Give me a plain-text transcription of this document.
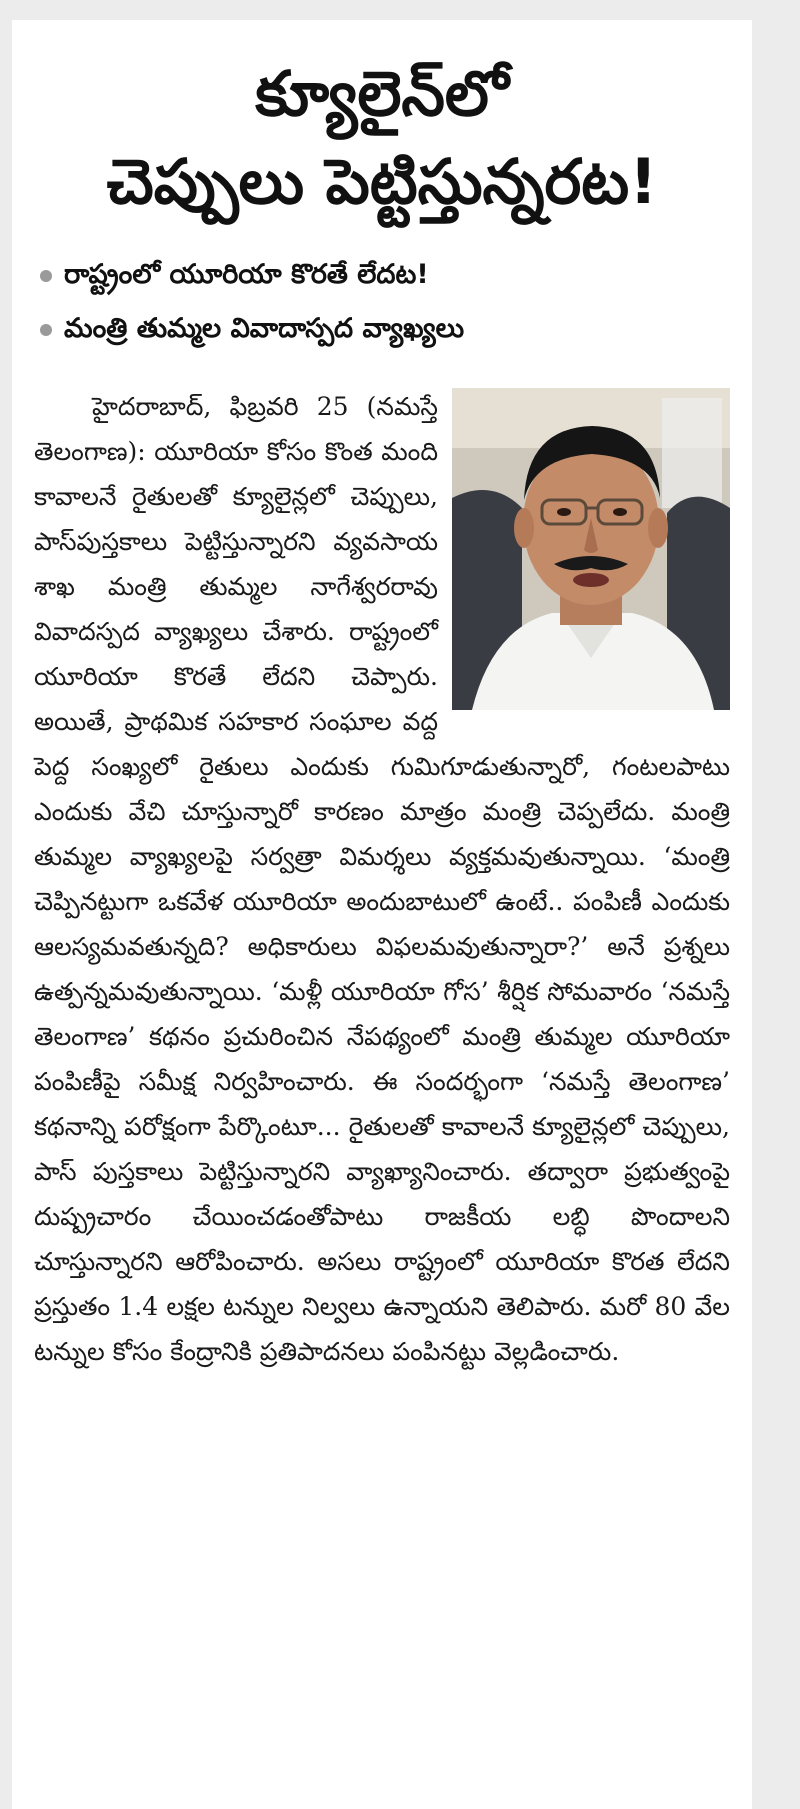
క్యూలైన్‌లో
చెప్పులు పెట్టిస్తున్నరట!
రాష్ట్రంలో యూరియా కొరతే లేదట!
మంత్రి తుమ్మల వివాదాస్పద వ్యాఖ్యలు

హైదరాబాద్, ఫిబ్రవరి 25 (నమస్తే తెలంగాణ): యూరియా కోసం కొంత మంది కావాలనే రైతులతో క్యూలైన్లలో చెప్పులు, పాస్‌పుస్తకాలు పెట్టిస్తున్నారని వ్యవసాయ శాఖ మంత్రి తుమ్మల నాగేశ్వరరావు వివాదస్పద వ్యాఖ్యలు చేశారు. రాష్ట్రంలో యూరియా కొరతే లేదని చెప్పారు. అయితే, ప్రాథమిక సహకార సంఘాల వద్ద పెద్ద సంఖ్యలో రైతులు ఎందుకు గుమిగూడుతున్నారో, గంటలపాటు ఎందుకు వేచి చూస్తున్నారో కారణం మాత్రం మంత్రి చెప్పలేదు. మంత్రి తుమ్మల వ్యాఖ్యలపై సర్వత్రా విమర్శలు వ్యక్తమవుతున్నాయి. ‘మంత్రి చెప్పినట్టుగా ఒకవేళ యూరియా అందుబాటులో ఉంటే.. పంపిణీ ఎందుకు ఆలస్యమవతున్నది? అధికారులు విఫలమవుతున్నారా?’ అనే ప్రశ్నలు ఉత్పన్నమవుతున్నాయి. ‘మళ్లీ యూరియా గోస’ శీర్షిక సోమవారం ‘నమస్తే తెలంగాణ’ కథనం ప్రచురించిన నేపథ్యంలో మంత్రి తుమ్మల యూరియా పంపిణీపై సమీక్ష నిర్వహించారు. ఈ సందర్భంగా ‘నమస్తే తెలంగాణ’ కథనాన్ని పరోక్షంగా పేర్కొంటూ... రైతులతో కావాలనే క్యూలైన్లలో చెప్పులు, పాస్ పుస్తకాలు పెట్టిస్తున్నారని వ్యాఖ్యానించారు. తద్వారా ప్రభుత్వంపై దుష్ప్రచారం చేయించడంతోపాటు రాజకీయ లబ్ధి పొందాలని చూస్తున్నారని ఆరోపించారు. అసలు రాష్ట్రంలో యూరియా కొరత లేదని ప్రస్తుతం 1.4 లక్షల టన్నుల నిల్వలు ఉన్నాయని తెలిపారు. మరో 80 వేల టన్నుల కోసం కేంద్రానికి ప్రతిపాదనలు పంపినట్టు వెల్లడించారు.
